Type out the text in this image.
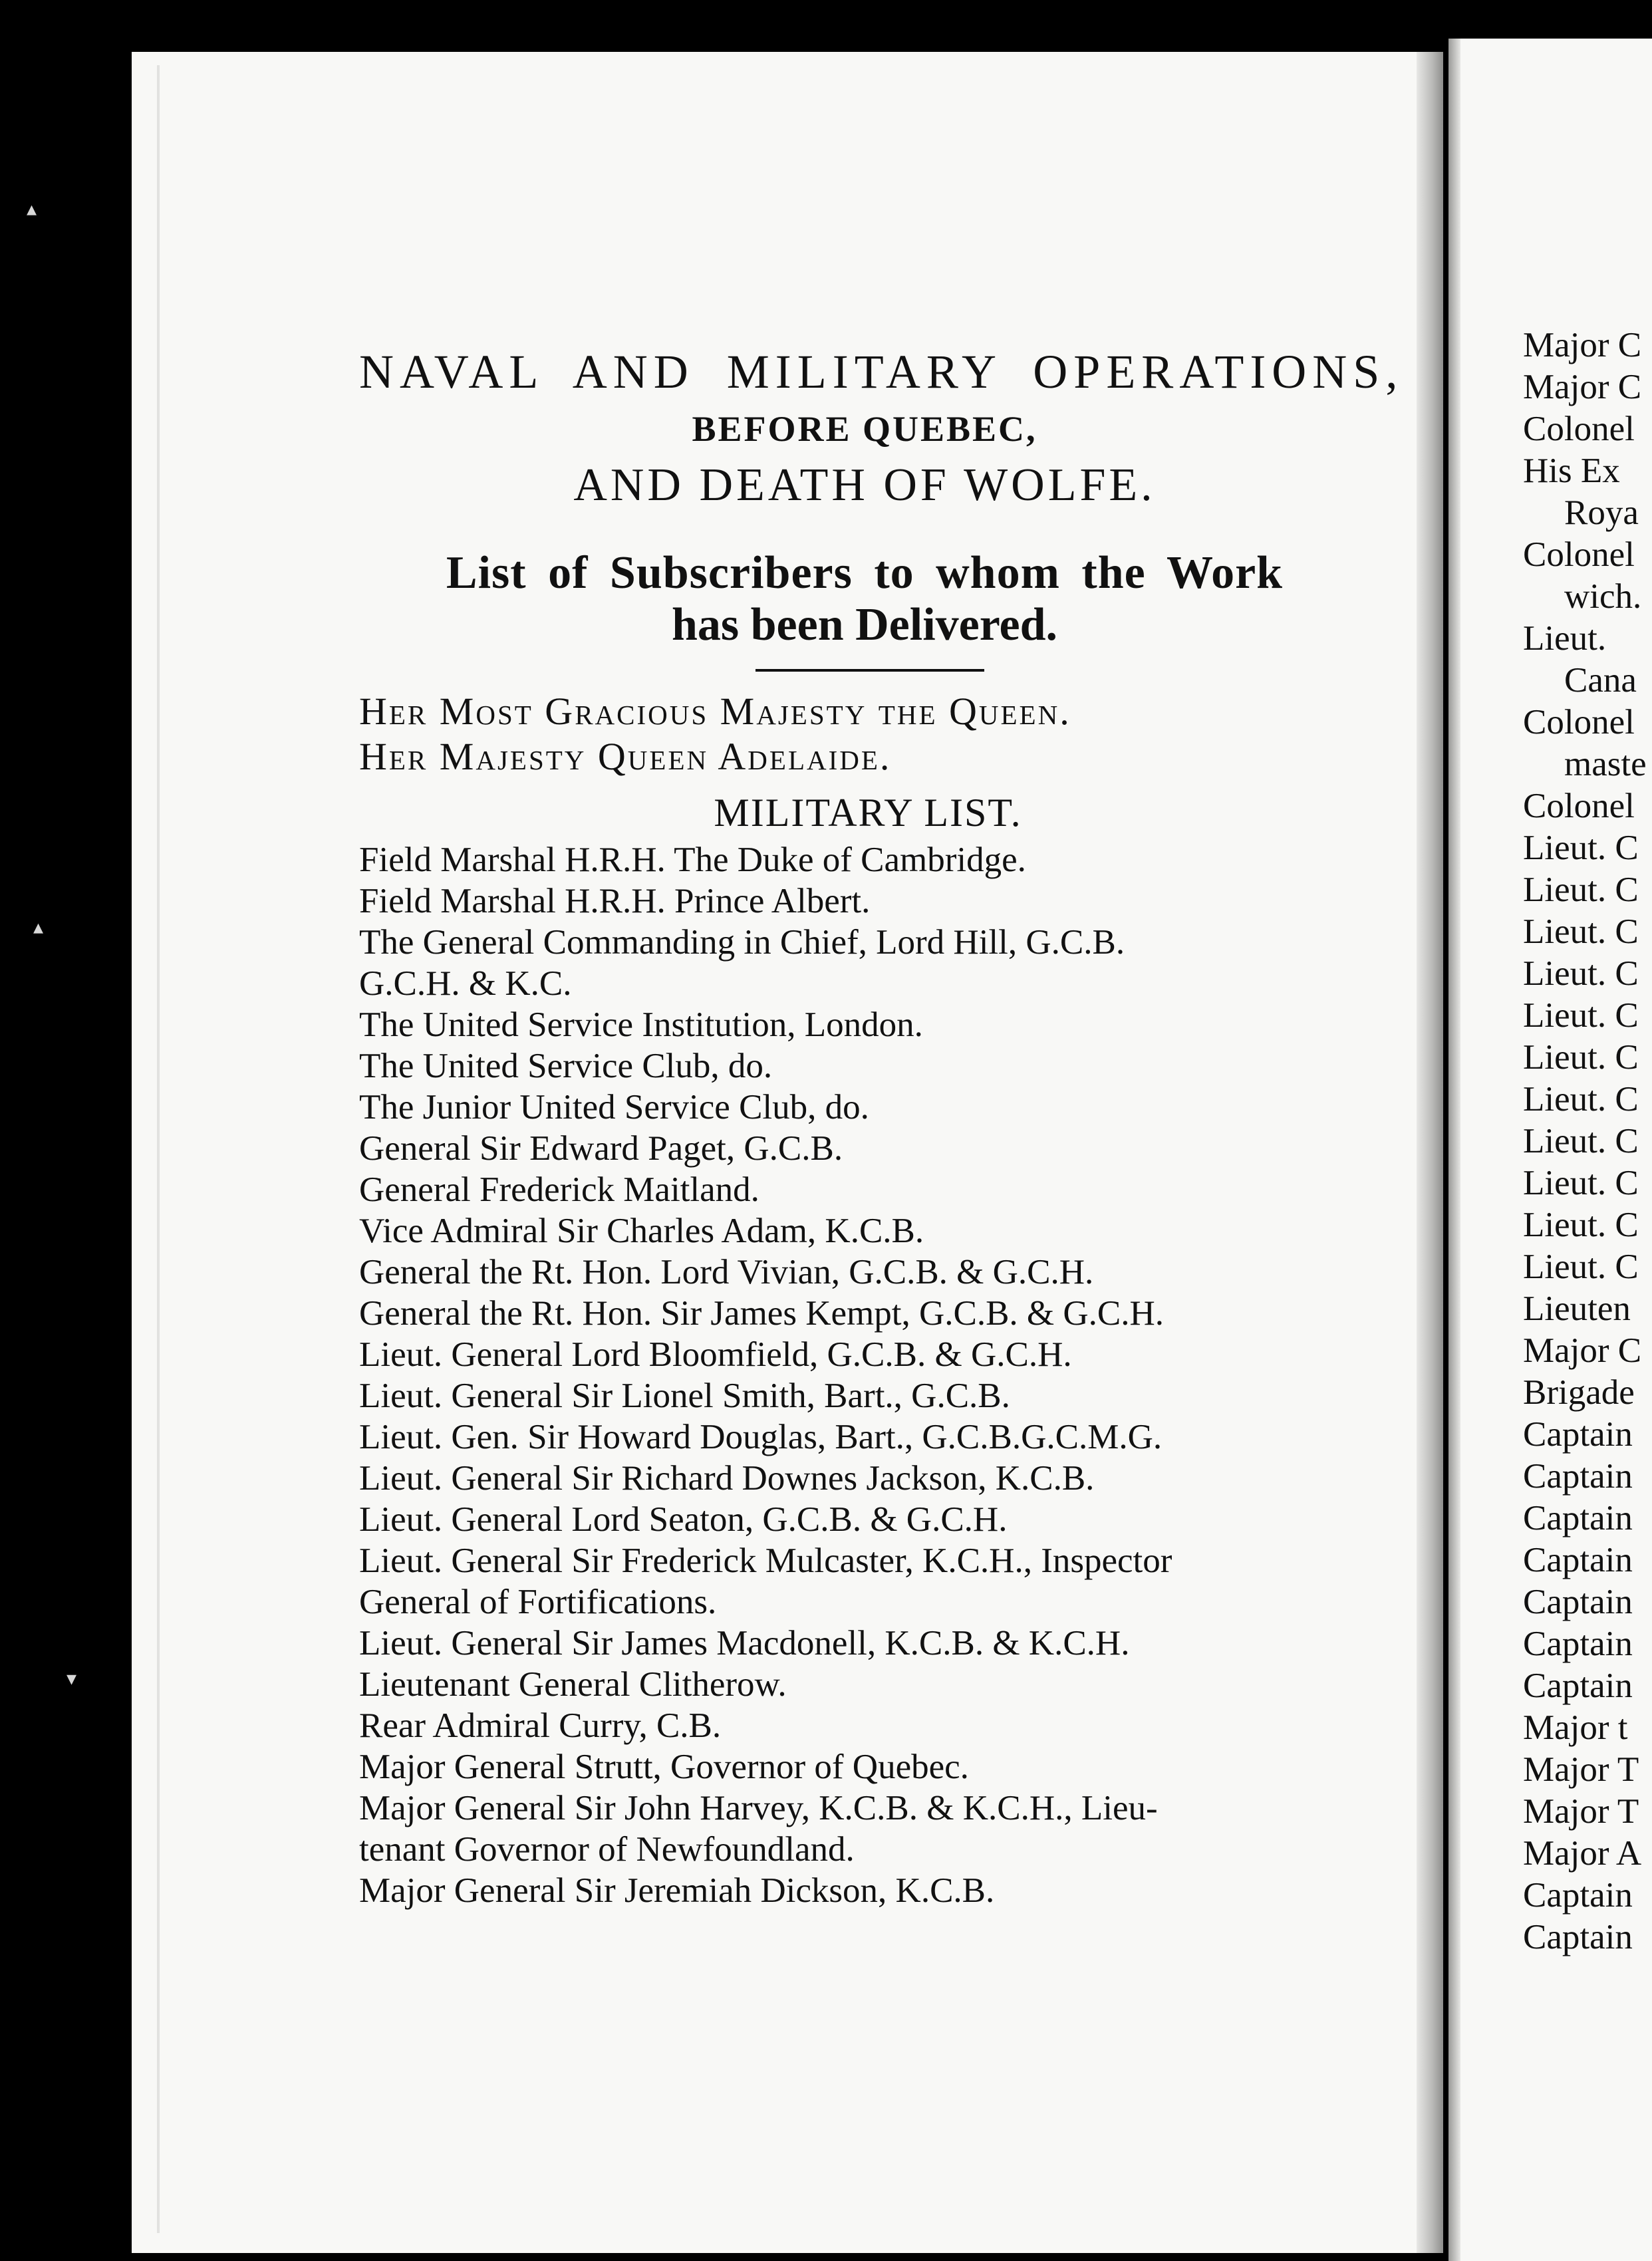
▴
▴
▾
NAVAL AND MILITARY OPERATIONS,
BEFORE QUEBEC,
AND DEATH OF WOLFE.
List of Subscribers to whom the Work
has been Delivered.
Her Most Gracious Majesty the Queen.
Her Majesty Queen Adelaide.
MILITARY LIST.
Field Marshal H.R.H. The Duke of Cambridge.
Field Marshal H.R.H. Prince Albert.
The General Commanding in Chief, Lord Hill, G.C.B.
G.C.H. & K.C.
The United Service Institution, London.
The United Service Club, do.
The Junior United Service Club, do.
General Sir Edward Paget, G.C.B.
General Frederick Maitland.
Vice Admiral Sir Charles Adam, K.C.B.
General the Rt. Hon. Lord Vivian, G.C.B. & G.C.H.
General the Rt. Hon. Sir James Kempt, G.C.B. & G.C.H.
Lieut. General Lord Bloomfield, G.C.B. & G.C.H.
Lieut. General Sir Lionel Smith, Bart., G.C.B.
Lieut. Gen. Sir Howard Douglas, Bart., G.C.B.G.C.M.G.
Lieut. General Sir Richard Downes Jackson, K.C.B.
Lieut. General Lord Seaton, G.C.B. & G.C.H.
Lieut. General Sir Frederick Mulcaster, K.C.H., Inspector
General of Fortifications.
Lieut. General Sir James Macdonell, K.C.B. & K.C.H.
Lieutenant General Clitherow.
Rear Admiral Curry, C.B.
Major General Strutt, Governor of Quebec.
Major General Sir John Harvey, K.C.B. & K.C.H., Lieu-
tenant Governor of Newfoundland.
Major General Sir Jeremiah Dickson, K.C.B.
Major C
Major C
Colonel
His Ex
Roya
Colonel
wich.
Lieut.
Cana
Colonel
maste
Colonel
Lieut. C
Lieut. C
Lieut. C
Lieut. C
Lieut. C
Lieut. C
Lieut. C
Lieut. C
Lieut. C
Lieut. C
Lieut. C
Lieuten
Major C
Brigade
Captain
Captain
Captain
Captain
Captain
Captain
Captain
Major t
Major T
Major T
Major A
Captain
Captain
